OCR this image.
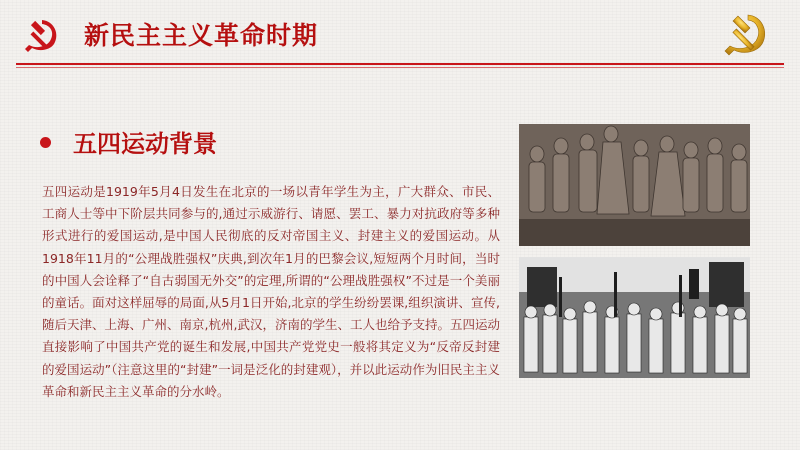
新民主主义革命时期
五四运动背景
五四运动是1919年5月4日发生在北京的一场以青年学生为主，广大群众、市民、工商人士等中下阶层共同参与的,通过示威游行、请愿、罢工、暴力对抗政府等多种形式进行的爱国运动,是中国人民彻底的反对帝国主义、封建主义的爱国运动。从1918年11月的“公理战胜强权”庆典,到次年1月的巴黎会议,短短两个月时间，当时的中国人会诠释了“自古弱国无外交”的定理,所谓的“公理战胜强权”不过是一个美丽的童话。面对这样屈辱的局面,从5月1日开始,北京的学生纷纷罢课,组织演讲、宣传,随后天津、上海、广州、南京,杭州,武汉，济南的学生、工人也给予支持。五四运动直接影响了中国共产党的诞生和发展,中国共产党党史一般将其定义为“反帝反封建的爱国运动”（注意这里的“封建”一词是泛化的封建观），并以此运动作为旧民主主义革命和新民主主义革命的分水岭。
